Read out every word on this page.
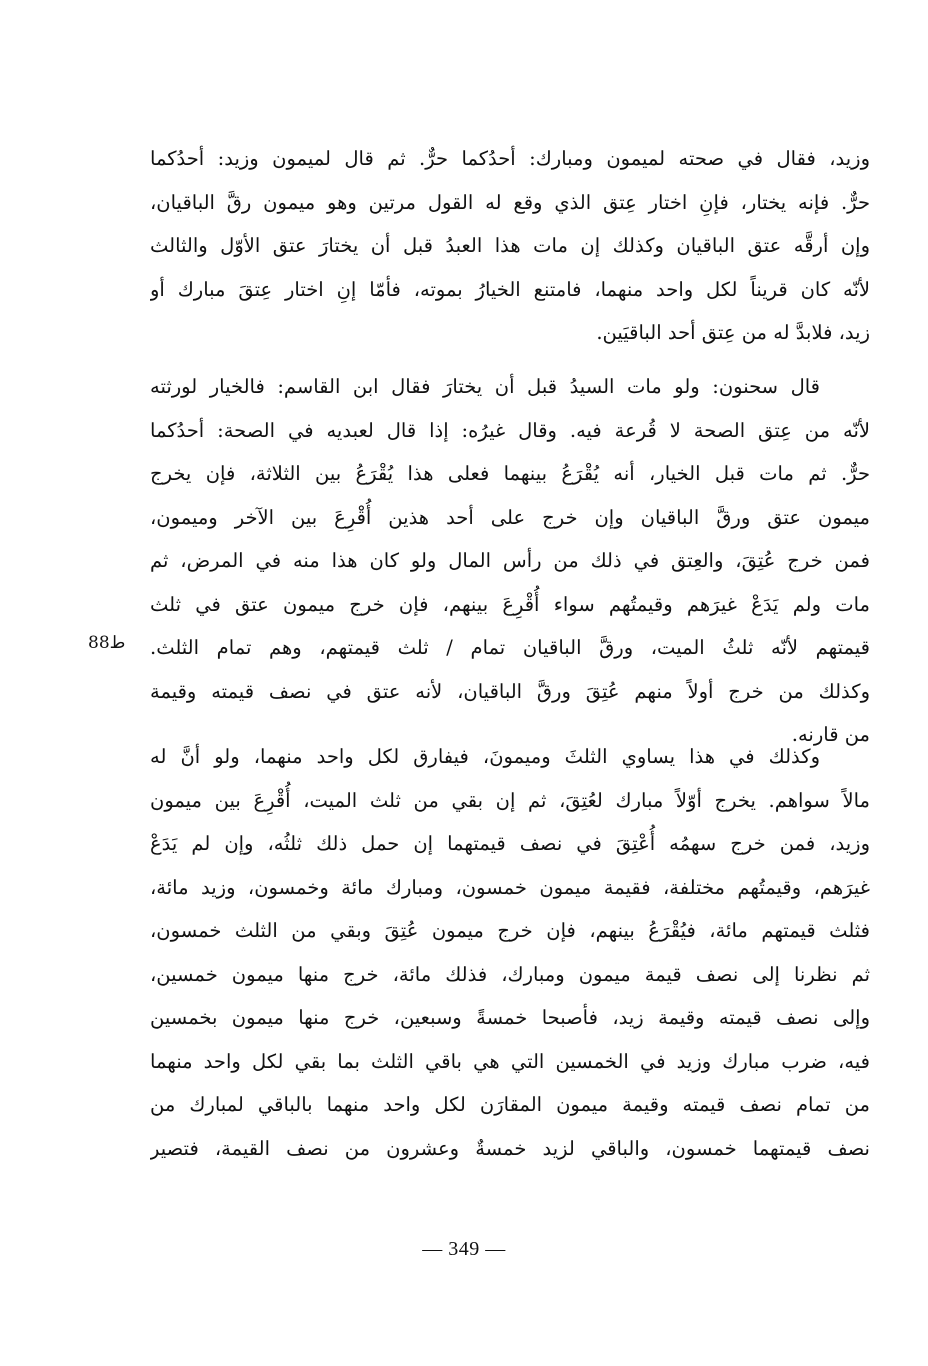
وزيد، فقال في صحته لميمون ومبارك: أحدُكما حرٌّ. ثم قال لميمون وزيد: أحدُكما
حرٌّ. فإنه يختار، فإنِ اختار عِتق الذي وقع له القول مرتين وهو ميمون رقَّ الباقيان،
وإن أرقَّه عتق الباقيان وكذلك إن مات هذا العبدُ قبل أن يختارَ عتق الأوّل والثالث
لأنّه كان قريناً لكل واحد منهما، فامتنع الخيارُ بموته، فأمّا إنِ اختار عِتقَ مبارك أو
زيد، فلابدَّ له من عِتق أحد الباقيَين.
قال سحنون: ولو مات السيدُ قبل أن يختارَ فقال ابن القاسم: فالخيار لورثته
لأنّه من عِتق الصحة لا قُرعة فيه. وقال غيرُه: إذا قال لعبديه في الصحة: أحدُكما
حرٌّ. ثم مات قبل الخيار، أنه يُقْرَعُ بينهما فعلى هذا يُقْرَعُ بين الثلاثة، فإن يخرج
ميمون عتق ورقَّ الباقيان وإن خرج على أحد هذين أُقْرِعَ بين الآخر وميمون،
فمن خرج عُتِقَ، والعِتق في ذلك من رأس المال ولو كان هذا منه في المرض، ثم
مات ولم يَدَعْ غيرَهم وقيمتُهم سواء أُقْرِعَ بينهم، فإن خرج ميمون عتق في ثلث
قيمتهم لأنّه ثلثُ الميت، ورقَّ الباقيان تمام / ثلث قيمتهم، وهم تمام الثلث.
وكذلك من خرج أولاً منهم عُتِقَ ورقَّ الباقيان، لأنه عتق في نصف قيمته وقيمة
من قارنه.
ط88
وكذلك في هذا يساوي الثلثَ وميمونَ، فيفارق لكل واحد منهما، ولو أنَّ له
مالاً سواهم. يخرج أوّلاً مبارك لعُتِقَ، ثم إن بقي من ثلث الميت، أُقْرِعَ بين ميمون
وزيد، فمن خرج سهمُه أُعْتِقَ في نصف قيمتهما إن حمل ذلك ثلثُه، وإن لم يَدَعْ
غيرَهم، وقيمتُهم مختلفة، فقيمة ميمون خمسون، ومبارك مائة وخمسون، وزيد مائة،
فثلث قيمتهم مائة، فيُقْرَعُ بينهم، فإن خرج ميمون عُتِقَ وبقي من الثلث خمسون،
ثم نظرنا إلى نصف قيمة ميمون ومبارك، فذلك مائة، خرج منها ميمون خمسين،
وإلى نصف قيمته وقيمة زيد، فأصبحا خمسةً وسبعين، خرج منها ميمون بخمسين
فيه، ضرب مبارك وزيد في الخمسين التي هي باقي الثلث بما بقي لكل واحد منهما
من تمام نصف قيمته وقيمة ميمون المقارَن لكل واحد منهما بالباقي لمبارك من
نصف قيمتهما خمسون، والباقي لزيد خمسةٌ وعشرون من نصف القيمة، فتصير
— 349 —
